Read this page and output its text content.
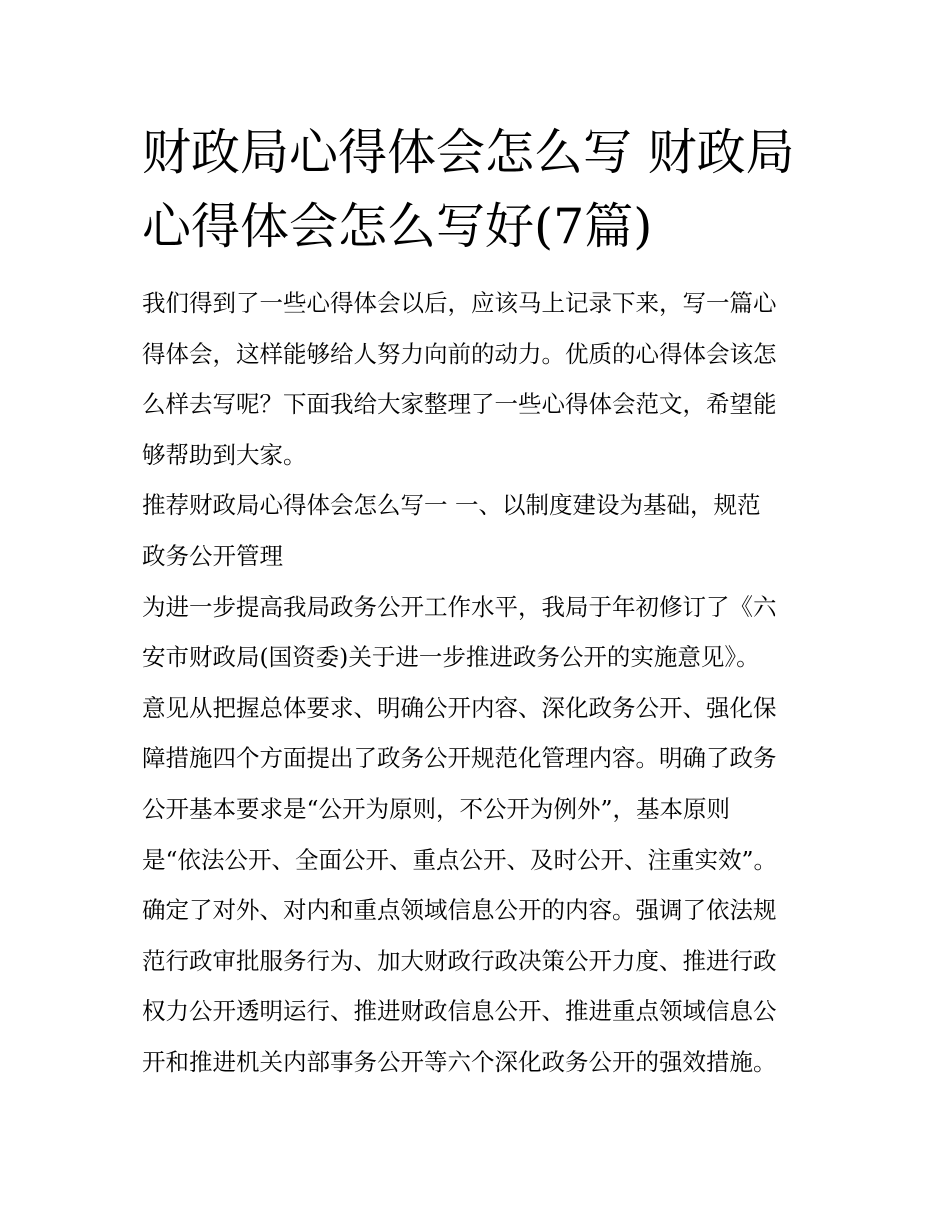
财政局心得体会怎么写 财政局
心得体会怎么写好(7篇)
我们得到了一些心得体会以后，应该马上记录下来，写一篇心
得体会，这样能够给人努力向前的动力。优质的心得体会该怎
么样去写呢？下面我给大家整理了一些心得体会范文，希望能
够帮助到大家。
推荐财政局心得体会怎么写一 一、以制度建设为基础，规范
政务公开管理
为进一步提高我局政务公开工作水平，我局于年初修订了《六
安市财政局(国资委)关于进一步推进政务公开的实施意见》。
意见从把握总体要求、明确公开内容、深化政务公开、强化保
障措施四个方面提出了政务公开规范化管理内容。明确了政务
公开基本要求是“公开为原则，不公开为例外”，基本原则
是“依法公开、全面公开、重点公开、及时公开、注重实效”。
确定了对外、对内和重点领域信息公开的内容。强调了依法规
范行政审批服务行为、加大财政行政决策公开力度、推进行政
权力公开透明运行、推进财政信息公开、推进重点领域信息公
开和推进机关内部事务公开等六个深化政务公开的强效措施。
